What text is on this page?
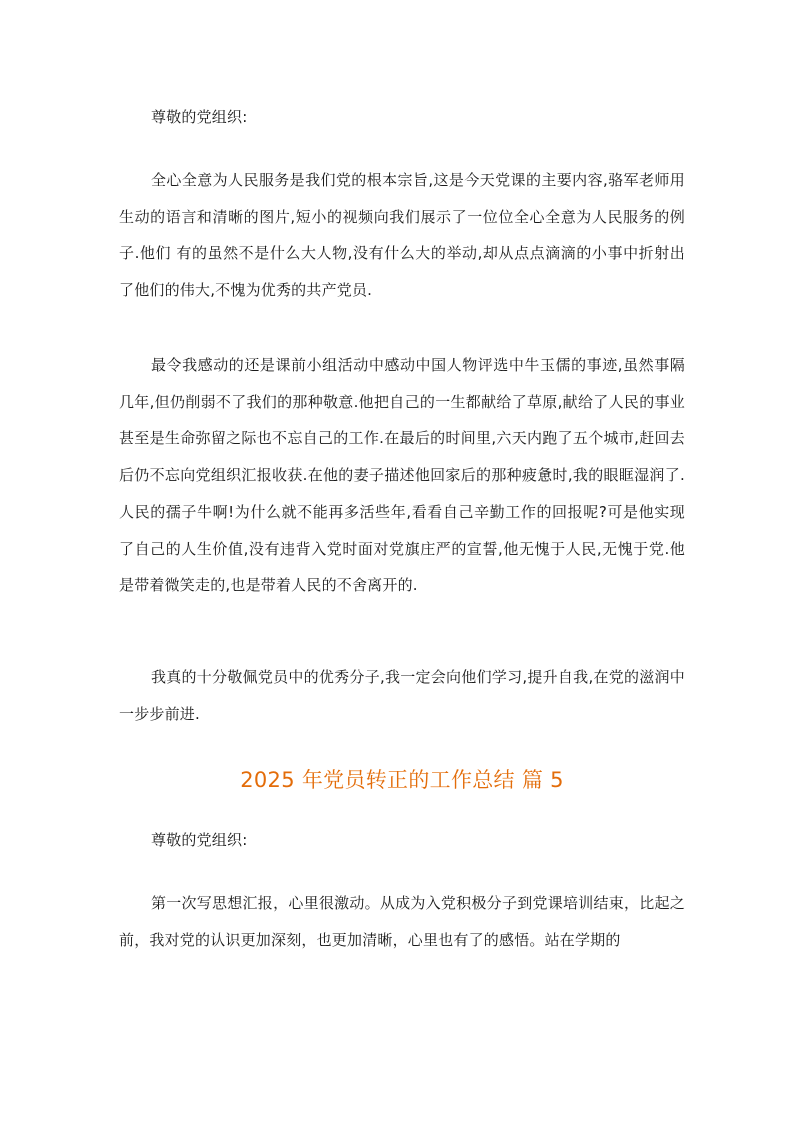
尊敬的党组织:

全心全意为人民服务是我们党的根本宗旨,这是今天党课的主要内容,骆军老师用生动的语言和清晰的图片,短小的视频向我们展示了一位位全心全意为人民服务的例子.他们 有的虽然不是什么大人物,没有什么大的举动,却从点点滴滴的小事中折射出了他们的伟大,不愧为优秀的共产党员.

最令我感动的还是课前小组活动中感动中国人物评选中牛玉儒的事迹,虽然事隔几年,但仍削弱不了我们的那种敬意.他把自己的一生都献给了草原,献给了人民的事业甚至是生命弥留之际也不忘自己的工作.在最后的时间里,六天内跑了五个城市,赶回去后仍不忘向党组织汇报收获.在他的妻子描述他回家后的那种疲惫时,我的眼眶湿润了.人民的孺子牛啊!为什么就不能再多活些年,看看自己辛勤工作的回报呢?可是他实现了自己的人生价值,没有违背入党时面对党旗庄严的宣誓,他无愧于人民,无愧于党.他是带着微笑走的,也是带着人民的不舍离开的.

我真的十分敬佩党员中的优秀分子,我一定会向他们学习,提升自我,在党的滋润中一步步前进.

2025 年党员转正的工作总结 篇 5

尊敬的党组织:

第一次写思想汇报，心里很激动。从成为入党积极分子到党课培训结束，比起之前，我对党的认识更加深刻，也更加清晰，心里也有了的感悟。站在学期的
